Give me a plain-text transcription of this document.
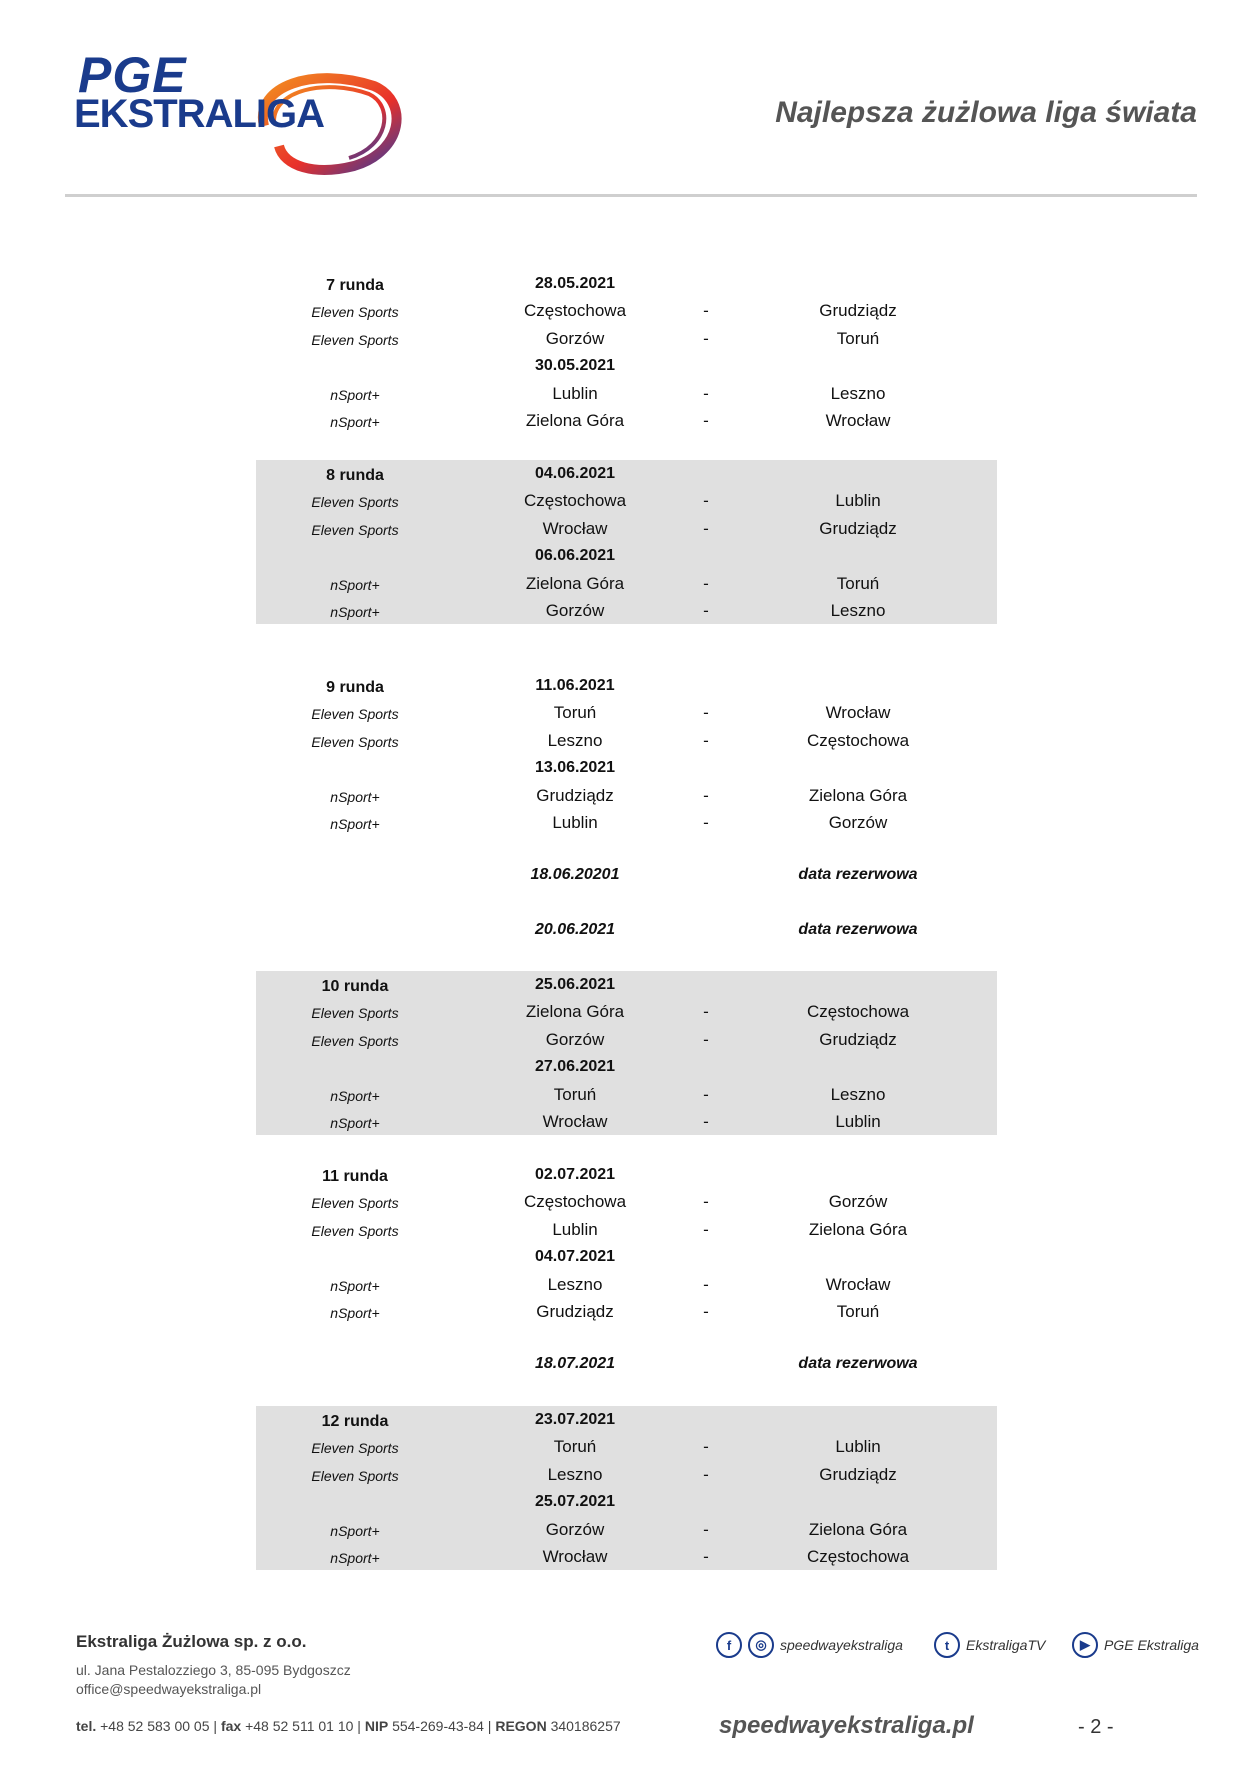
PGE
EKSTRALIGA	Najlepsza żużlowa liga świata
7 runda	28.05.2021
Eleven Sports	Częstochowa	-	Grudziądz
Eleven Sports	Gorzów	-	Toruń
30.05.2021
nSport+	Lublin	-	Leszno
nSport+	Zielona Góra	-	Wrocław
8 runda	04.06.2021
Eleven Sports	Częstochowa	-	Lublin
Eleven Sports	Wrocław	-	Grudziądz
06.06.2021
nSport+	Zielona Góra	-	Toruń
nSport+	Gorzów	-	Leszno
9 runda	11.06.2021
Eleven Sports	Toruń	-	Wrocław
Eleven Sports	Leszno	-	Częstochowa
13.06.2021
nSport+	Grudziądz	-	Zielona Góra
nSport+	Lublin	-	Gorzów
10 runda	25.06.2021
Eleven Sports	Zielona Góra	-	Częstochowa
Eleven Sports	Gorzów	-	Grudziądz
27.06.2021
nSport+	Toruń	-	Leszno
nSport+	Wrocław	-	Lublin
11 runda	02.07.2021
Eleven Sports	Częstochowa	-	Gorzów
Eleven Sports	Lublin	-	Zielona Góra
04.07.2021
nSport+	Leszno	-	Wrocław
nSport+	Grudziądz	-	Toruń
12 runda	23.07.2021
Eleven Sports	Toruń	-	Lublin
Eleven Sports	Leszno	-	Grudziądz
25.07.2021
nSport+	Gorzów	-	Zielona Góra
nSport+	Wrocław	-	Częstochowa
18.06.20201	data rezerwowa
20.06.2021	data rezerwowa
18.07.2021	data rezerwowa
Ekstraliga Żużlowa sp. z o.o.
ul. Jana Pestalozziego 3, 85-095 Bydgoszcz
office@speedwayekstraliga.pl
tel. +48 52 583 00 05 | fax +48 52 511 01 10 | NIP 554-269-43-84 | REGON 340186257
f	◎ speedwayekstraliga	t	EkstraligaTV	▶	PGE Ekstraliga
speedwayekstraliga.pl	- 2 -
